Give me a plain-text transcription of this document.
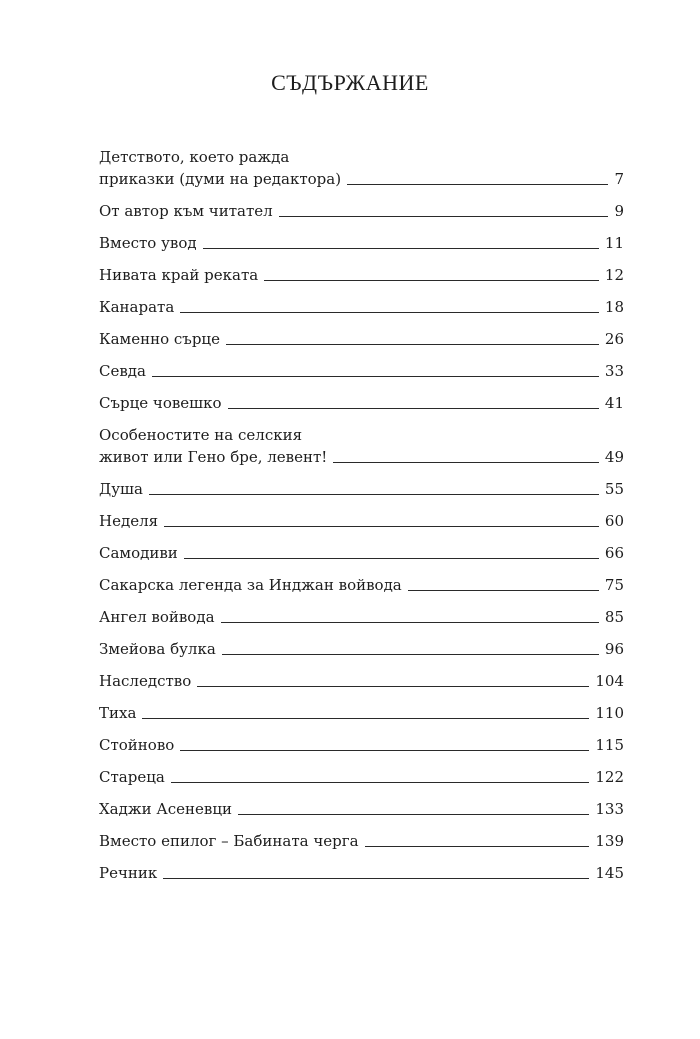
СЪДЪРЖАНИЕ
Детството, което ражда
приказки (думи на редактора)	7
От автор към читател	9
Вместо увод	11
Нивата край реката	12
Канарата	18
Каменно сърце	26
Севда	33
Сърце човешко	41
Особеностите на селския
живот или Гено бре, левент!	49
Душа	55
Неделя	60
Самодиви	66
Сакарска легенда за Инджан войвода	75
Ангел войвода	85
Змейова булка	96
Наследство	104
Тиха	110
Стойново	115
Стареца	122
Хаджи Асеневци	133
Вместо епилог – Бабината черга	139
Речник	145
